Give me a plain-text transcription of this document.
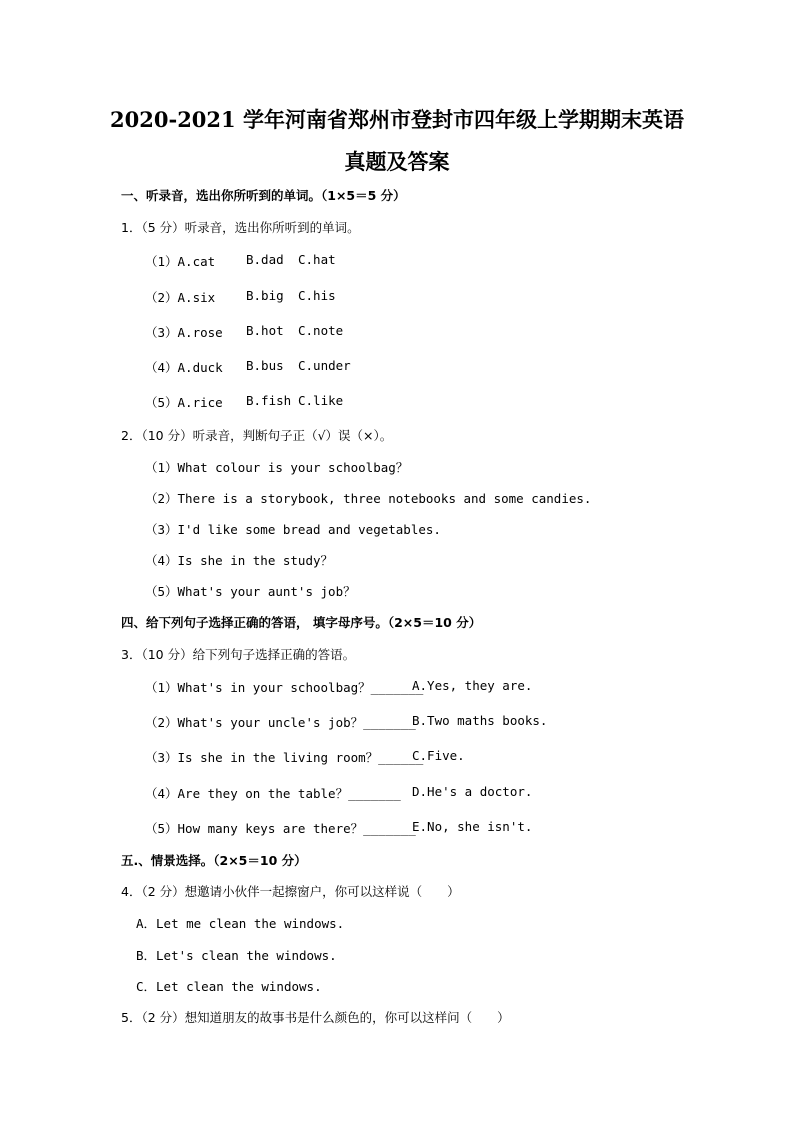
2020-2021 学年河南省郑州市登封市四年级上学期期末英语
真题及答案
一、听录音，选出你所听到的单词。（1×5＝5 分）
1．（5 分）听录音，选出你所听到的单词。
（1）A.cat B.dad C.hat
（2）A.six B.big C.his
（3）A.rose B.hot C.note
（4）A.duck B.bus C.under
（5）A.rice B.fish C.like
2．（10 分）听录音，判断句子正（√）误（×）。
（1）What colour is your schoolbag？
（2）There is a storybook, three notebooks and some candies.
（3）I'd like some bread and vegetables.
（4）Is she in the study？
（5）What's your aunt's job？
四、给下列句子选择正确的答语， 填字母序号。（2×5＝10 分）
3．（10 分）给下列句子选择正确的答语。
（1）What's in your schoolbag？_______
A.Yes, they are.
（2）What's your uncle's job？_______
B.Two maths books.
（3）Is she in the living room？______
C.Five.
（4）Are they on the table？_______ D.He's a doctor.
（5）How many keys are there？_______
E.No, she isn't.
五.、情景选择。（2×5＝10 分）
4．（2 分）想邀请小伙伴一起擦窗户，你可以这样说（　　）
A．Let me clean the windows.
B．Let's clean the windows.
C．Let clean the windows.
5．（2 分）想知道朋友的故事书是什么颜色的，你可以这样问（　　）
